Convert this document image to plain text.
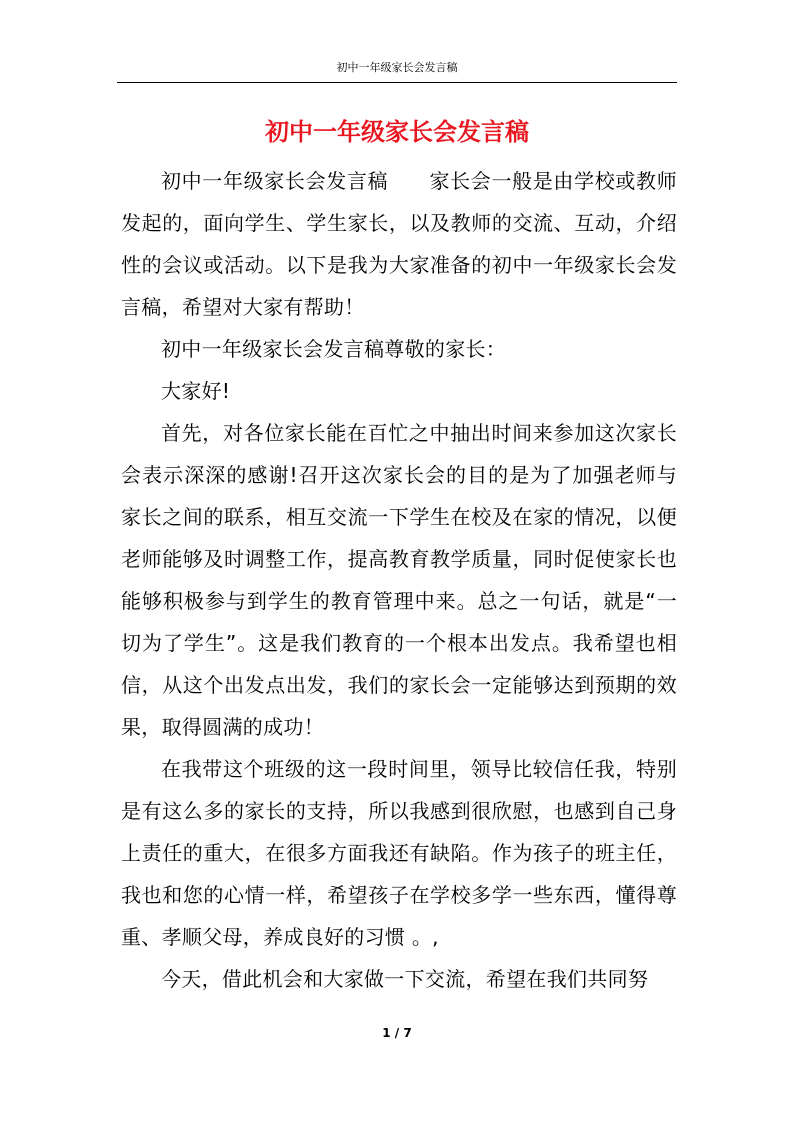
初中一年级家长会发言稿
初中一年级家长会发言稿

初中一年级家长会发言稿　　家长会一般是由学校或教师发起的，面向学生、学生家长，以及教师的交流、互动，介绍性的会议或活动。以下是我为大家准备的初中一年级家长会发言稿，希望对大家有帮助！

初中一年级家长会发言稿尊敬的家长：

大家好!

首先，对各位家长能在百忙之中抽出时间来参加这次家长会表示深深的感谢!召开这次家长会的目的是为了加强老师与家长之间的联系，相互交流一下学生在校及在家的情况，以便老师能够及时调整工作，提高教育教学质量，同时促使家长也能够积极参与到学生的教育管理中来。总之一句话，就是“一切为了学生”。这是我们教育的一个根本出发点。我希望也相信，从这个出发点出发，我们的家长会一定能够达到预期的效果，取得圆满的成功！

在我带这个班级的这一段时间里，领导比较信任我，特别是有这么多的家长的支持，所以我感到很欣慰，也感到自己身上责任的重大，在很多方面我还有缺陷。作为孩子的班主任，我也和您的心情一样，希望孩子在学校多学一些东西，懂得尊重、孝顺父母，养成良好的习惯 。,

今天，借此机会和大家做一下交流，希望在我们共同努

1 / 7
